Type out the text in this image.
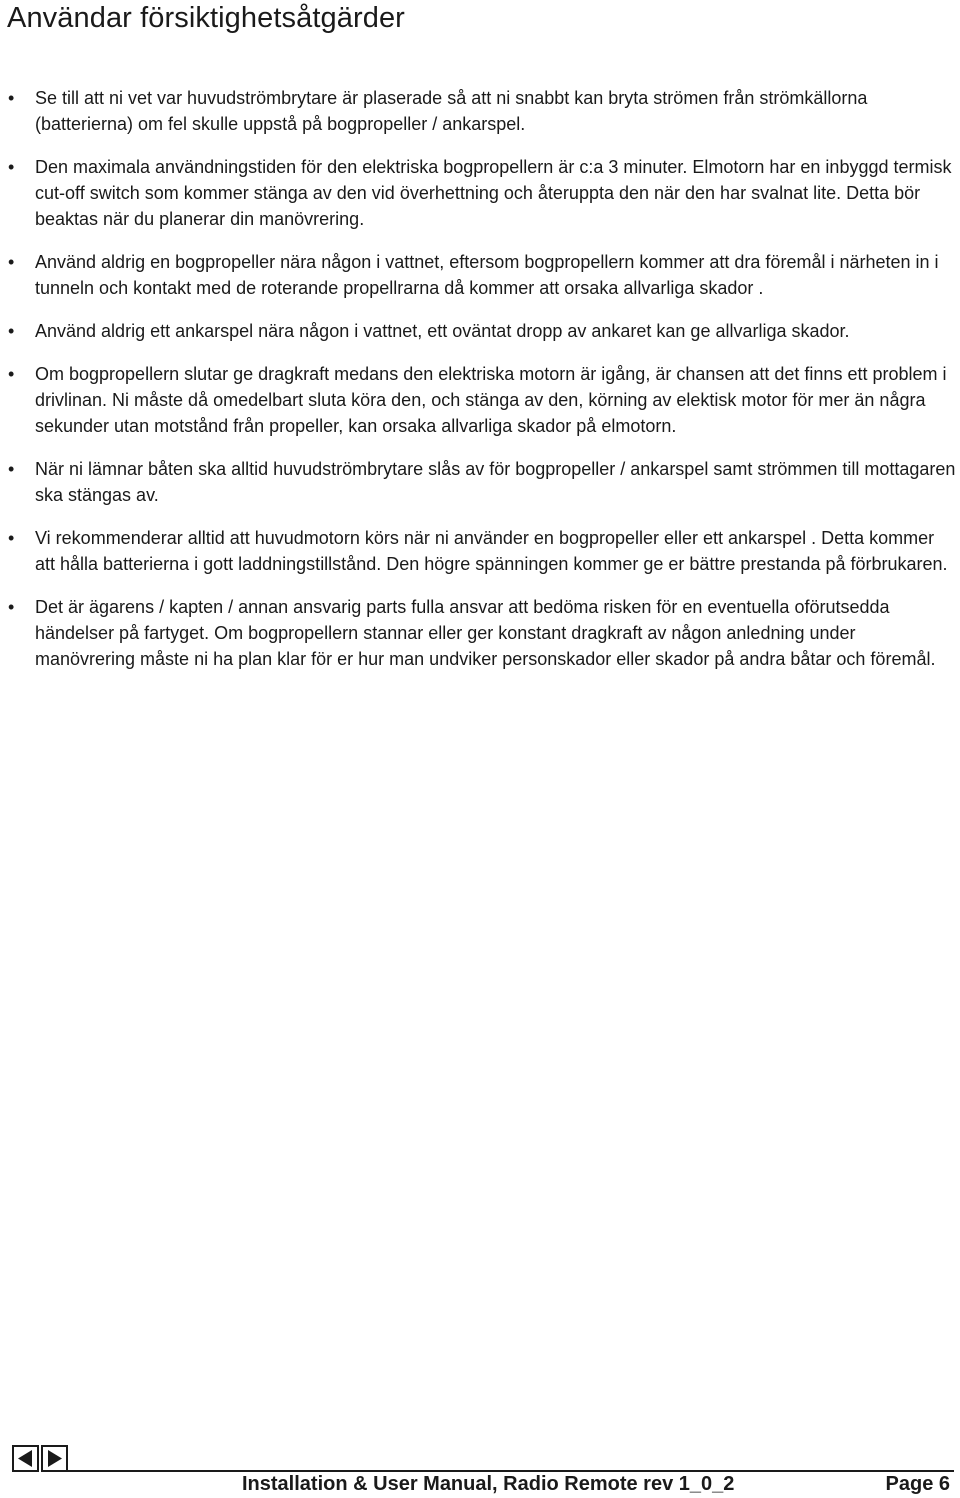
Användar försiktighetsåtgärder
•	Se till att ni vet var huvudströmbrytare är plaserade så att ni snabbt kan bryta strömen från strömkällorna (batterierna) om fel skulle uppstå på bogpropeller / ankarspel.
•	Den maximala användningstiden för den elektriska bogpropellern är c:a 3 minuter. Elmotorn har en inbyggd termisk cut-off switch som kommer stänga av den vid överhettning och återuppta den när den har svalnat lite. Detta bör beaktas när du planerar din manövrering.
•	Använd aldrig en bogpropeller nära någon i vattnet, eftersom bogpropellern kommer att dra föremål i närheten in i tunneln och kontakt med de roterande propellrarna då kommer att orsaka allvarliga skador .
•	Använd aldrig ett ankarspel nära någon i vattnet, ett oväntat dropp av ankaret kan ge allvarliga skador.
•	Om bogpropellern slutar ge dragkraft medans den elektriska motorn är igång, är chansen att det finns ett problem i drivlinan. Ni måste då omedelbart sluta köra den, och stänga av den, körning av elektisk motor för mer än några sekunder utan motstånd från propeller, kan orsaka allvarliga skador på elmotorn.
•	När ni lämnar båten ska alltid huvudströmbrytare slås av för bogpropeller / ankarspel samt strömmen till mottagaren ska stängas av.
•	Vi rekommenderar alltid att huvudmotorn körs när ni använder en bogpropeller eller ett ankarspel . Detta kommer att hålla batterierna i gott laddningstillstånd. Den högre spänningen kommer ge er bättre prestanda på förbrukaren.
•	Det är ägarens / kapten / annan ansvarig parts fulla ansvar att bedöma risken för en eventuella oförutsedda händelser på fartyget. Om bogpropellern stannar eller ger konstant dragkraft av någon anledning under manövrering måste ni ha plan klar för er hur man undviker personskador eller skador på andra båtar och föremål.
Installation & User Manual, Radio Remote rev 1_0_2	Page 6
